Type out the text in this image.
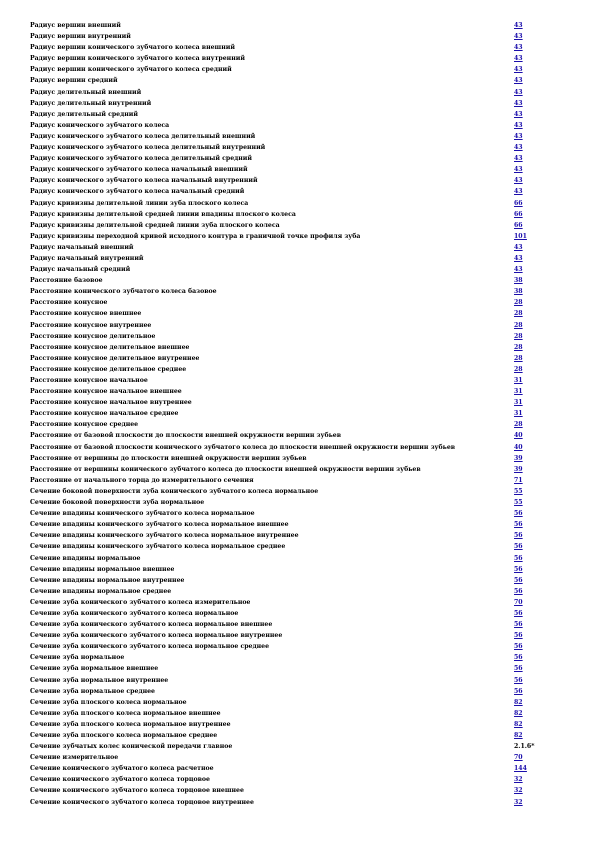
Радиус вершин внешний	43
Радиус вершин внутренний	43
Радиус вершин конического зубчатого колеса внешний	43
Радиус вершин конического зубчатого колеса внутренний	43
Радиус вершин конического зубчатого колеса средний	43
Радиус вершин средний	43
Радиус делительный внешний	43
Радиус делительный внутренний	43
Радиус делительный средний	43
Радиус конического зубчатого колеса	43
Радиус конического зубчатого колеса делительный внешний	43
Радиус конического зубчатого колеса делительный внутренний	43
Радиус конического зубчатого колеса делительный средний	43
Радиус конического зубчатого колеса начальный внешний	43
Радиус конического зубчатого колеса начальный внутренний	43
Радиус конического зубчатого колеса начальный средний	43
Радиус кривизны делительной линии зуба плоского колеса	66
Радиус кривизны делительной средней линии впадины плоского колеса	66
Радиус кривизны делительной средней линии зуба плоского колеса	66
Радиус кривизны переходной кривой исходного контура в граничной точке профиля зуба	101
Радиус начальный внешний	43
Радиус начальный внутренний	43
Радиус начальный средний	43
Расстояние базовое	38
Расстояние конического зубчатого колеса базовое	38
Расстояние конусное	28
Расстояние конусное внешнее	28
Расстояние конусное внутреннее	28
Расстояние конусное делительное	28
Расстояние конусное делительное внешнее	28
Расстояние конусное делительное внутреннее	28
Расстояние конусное делительное среднее	28
Расстояние конусное начальное	31
Расстояние конусное начальное внешнее	31
Расстояние конусное начальное внутреннее	31
Расстояние конусное начальное среднее	31
Расстояние конусное среднее	28
Расстояние от базовой плоскости до плоскости внешней окружности вершин зубьев	40
Расстояние от базовой плоскости конического зубчатого колеса до плоскости внешней окружности вершин зубьев	40
Расстояние от вершины до плоскости внешней окружности вершин зубьев	39
Расстояние от вершины конического зубчатого колеса до плоскости внешней окружности вершин зубьев	39
Расстояние от начального торца до измерительного сечения	71
Сечение боковой поверхности зуба конического зубчатого колеса нормальное	55
Сечение боковой поверхности зуба нормальное	55
Сечение впадины конического зубчатого колеса нормальное	56
Сечение впадины конического зубчатого колеса нормальное внешнее	56
Сечение впадины конического зубчатого колеса нормальное внутреннее	56
Сечение впадины конического зубчатого колеса нормальное среднее	56
Сечение впадины нормальное	56
Сечение впадины нормальное внешнее	56
Сечение впадины нормальное внутреннее	56
Сечение впадины нормальное среднее	56
Сечение зуба конического зубчатого колеса измерительное	70
Сечение зуба конического зубчатого колеса нормальное	56
Сечение зуба конического зубчатого колеса нормальное внешнее	56
Сечение зуба конического зубчатого колеса нормальное внутреннее	56
Сечение зуба конического зубчатого колеса нормальное среднее	56
Сечение зуба нормальное	56
Сечение зуба нормальное внешнее	56
Сечение зуба нормальное внутреннее	56
Сечение зуба нормальное среднее	56
Сечение зуба плоского колеса нормальное	82
Сечение зуба плоского колеса нормальное внешнее	82
Сечение зуба плоского колеса нормальное внутреннее	82
Сечение зуба плоского колеса нормальное среднее	82
Сечение зубчатых колес конической передачи главное	2.1.6*
Сечение измерительное	70
Сечение конического зубчатого колеса расчетное	144
Сечение конического зубчатого колеса торцовое	32
Сечение конического зубчатого колеса торцовое внешнее	32
Сечение конического зубчатого колеса торцовое внутреннее	32
